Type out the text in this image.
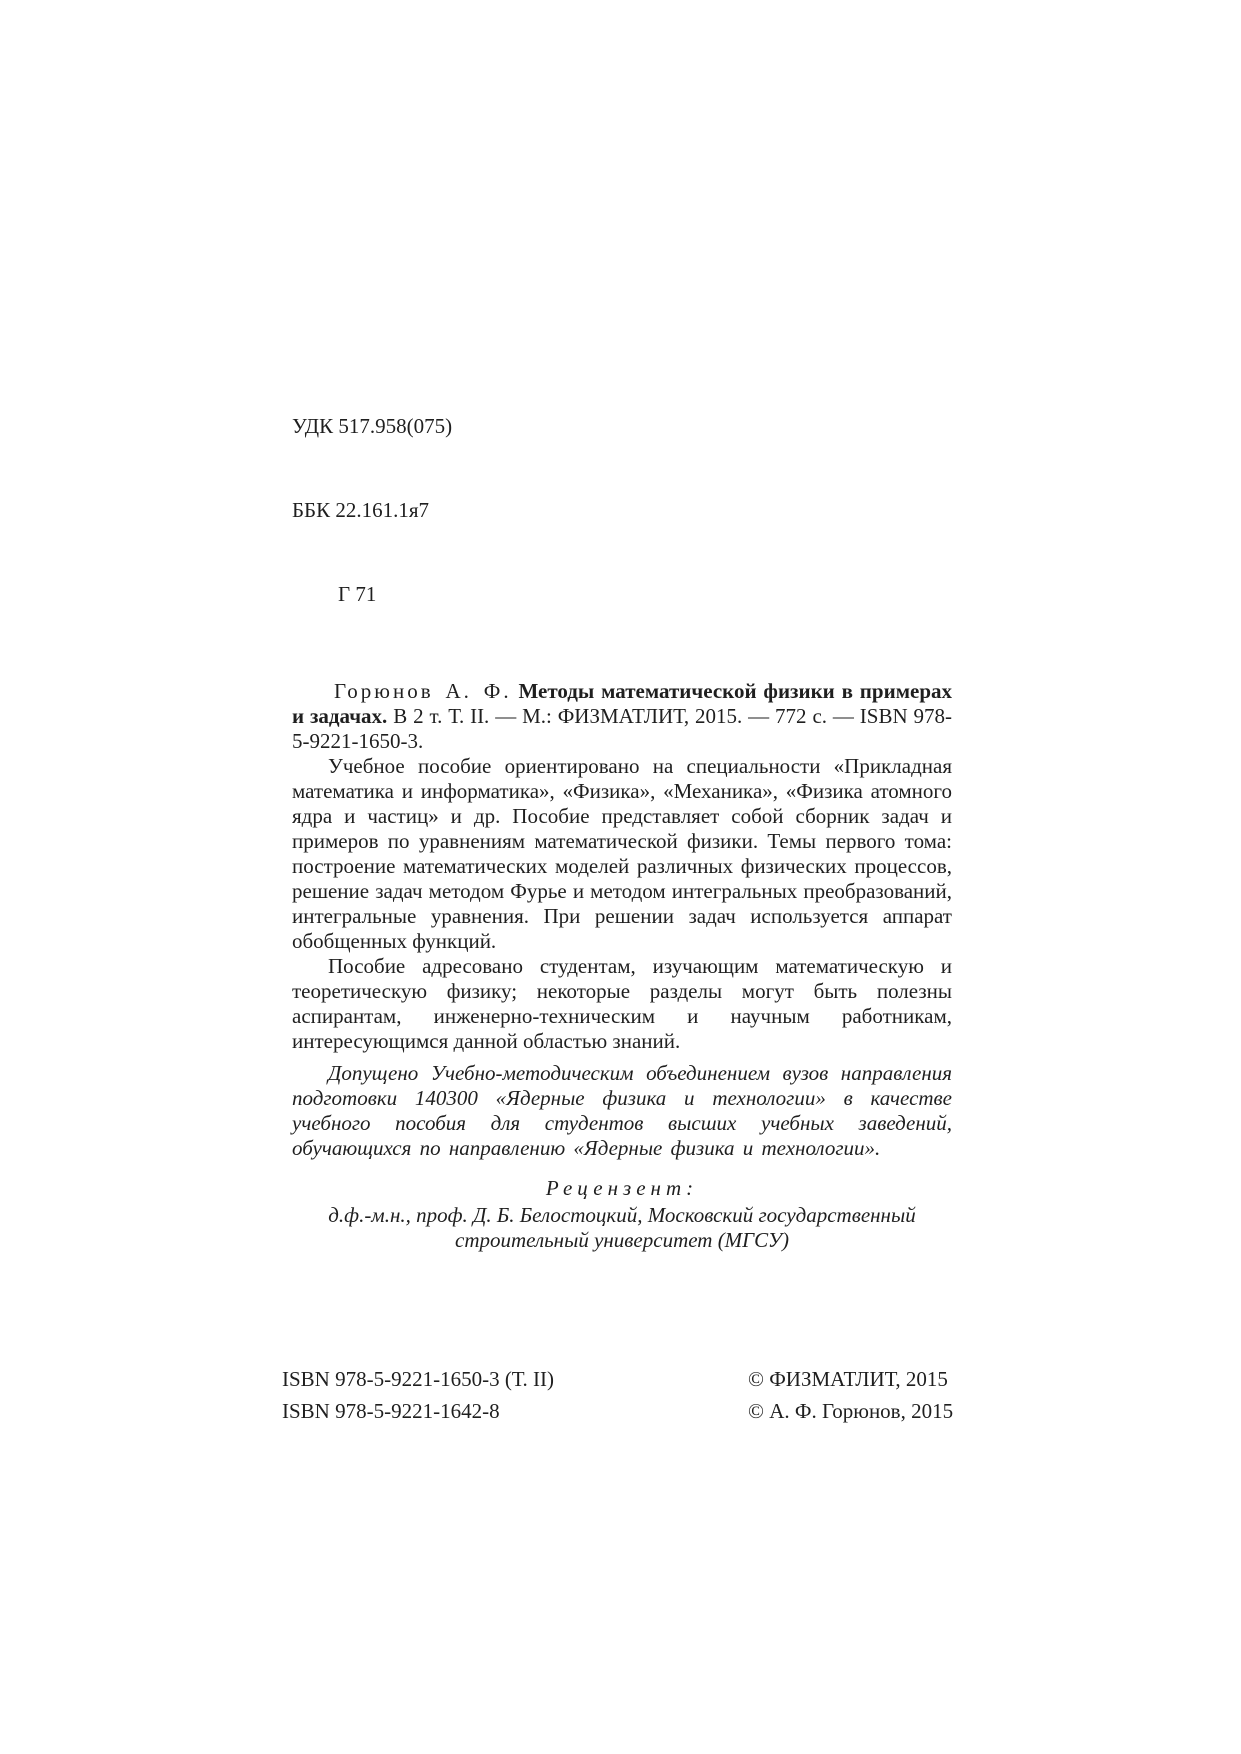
УДК 517.958(075)

ББК 22.161.1я7

Г 71

Горюнов А. Ф. Методы математической физики в примерах и задачах. В 2 т. Т. II. — М.: ФИЗМАТЛИТ, 2015. — 772 с. — ISBN 978-5-9221-1650-3.

Учебное пособие ориентировано на специальности «Прикладная математика и информатика», «Физика», «Механика», «Физика атомного ядра и частиц» и др. Пособие представляет собой сборник задач и примеров по уравнениям математической физики. Темы первого тома: построение математических моделей различных физических процессов, решение задач методом Фурье и методом интегральных преобразований, интегральные уравнения. При решении задач используется аппарат обобщенных функций.

Пособие адресовано студентам, изучающим математическую и теоретическую физику; некоторые разделы могут быть полезны аспирантам, инженерно-техническим и научным работникам, интересующимся данной областью знаний.

Допущено Учебно-методическим объединением вузов направления подготовки 140300 «Ядерные физика и технологии» в качестве учебного пособия для студентов высших учебных заведений, обучающихся по направлению «Ядерные физика и технологии».

Рецензент:
д.ф.-м.н., проф. Д. Б. Белостоцкий, Московский государственный
строительный университет (МГСУ)
ISBN 978-5-9221-1650-3 (Т. II)
ISBN 978-5-9221-1642-8
© ФИЗМАТЛИТ, 2015
© А. Ф. Горюнов, 2015
